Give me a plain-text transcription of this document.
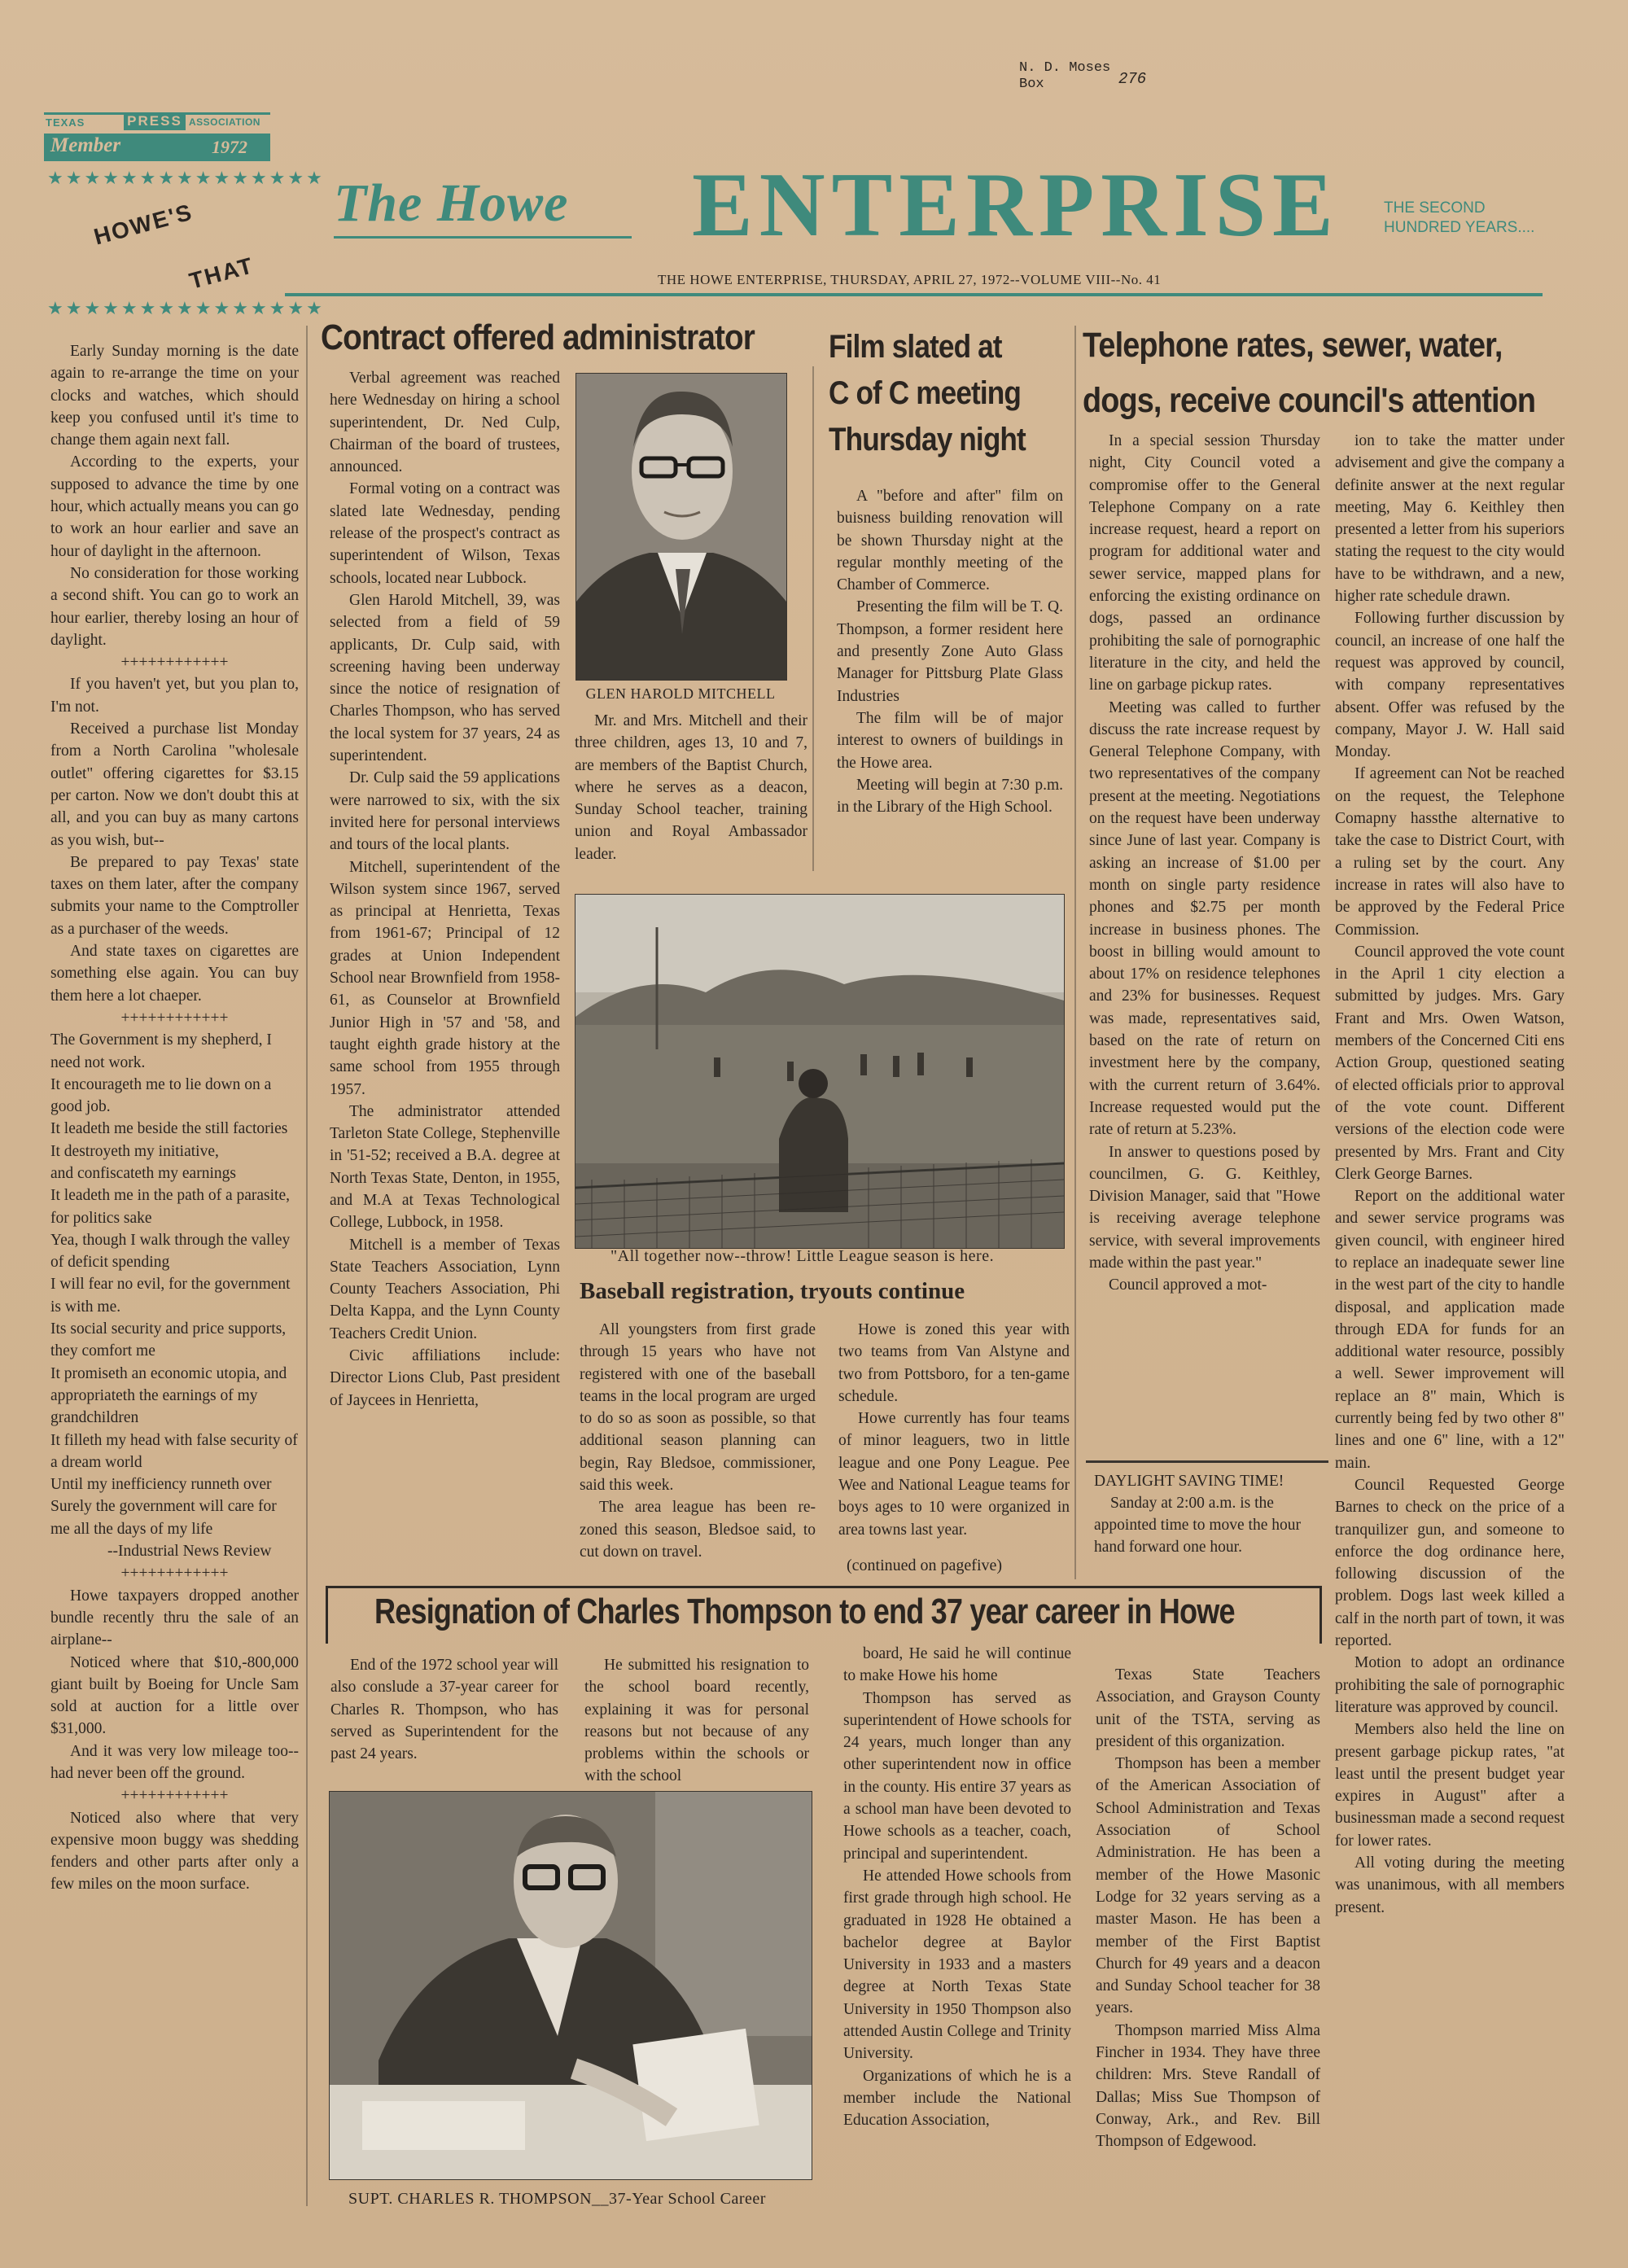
N. D. Moses
Box	276
TEXAS	PRESS ASSOCIATION
Member	1972
★★★★★★★★★★★★★★★
HOWE'S
THAT
★★★★★★★★★★★★★★★
The Howe ENTERPRISE	THE SECOND HUNDRED YEARS....
THE HOWE ENTERPRISE, THURSDAY, APRIL 27, 1972--VOLUME VIII--No. 41

Early Sunday morning is the date again to re-arrange the time on your clocks and watches, which should keep you confused until it's time to change them again next fall.

According to the experts, your supposed to advance the time by one hour, which actually means you can go to work an hour earlier and save an hour of daylight in the afternoon.

No consideration for those working a second shift. You can go to work an hour earlier, thereby losing an hour of daylight.

++++++++++++

If you haven't yet, but you plan to, I'm not.

Received a purchase list Monday from a North Carolina "wholesale outlet" offering cigarettes for $3.15 per carton. Now we don't doubt this at all, and you can buy as many cartons as you wish, but--

Be prepared to pay Texas' state taxes on them later, after the company submits your name to the Comptroller as a purchaser of the weeds.

And state taxes on cigarettes are something else again. You can buy them here a lot chaeper.

++++++++++++

The Government is my shepherd, I need not work.

It encourageth me to lie down on a good job.

It leadeth me beside the still factories

It destroyeth my initiative,

and confiscateth my earnings

It leadeth me in the path of a parasite, for politics sake

Yea, though I walk through the valley of deficit spending

I will fear no evil, for the government is with me.

Its social security and price supports, they comfort me

It promiseth an economic utopia, and appropriateth the earnings of my grandchildren

It filleth my head with false security of a dream world

Until my inefficiency runneth over

Surely the government will care for me all the days of my life

--Industrial News Review
++++++++++++

Howe taxpayers dropped another bundle recently thru the sale of an airplane--

Noticed where that $10,-800,000 giant built by Boeing for Uncle Sam sold at auction for a little over $31,000.

And it was very low mileage too--had never been off the ground.

++++++++++++

Noticed also where that very expensive moon buggy was shedding fenders and other parts after only a few miles on the moon surface.

Contract offered administrator

Verbal agreement was reached here Wednesday on hiring a school superintendent, Dr. Ned Culp, Chairman of the board of trustees, announced.

Formal voting on a contract was slated late Wednesday, pending release of the prospect's contract as superintendent of Wilson, Texas schools, located near Lubbock.

Glen Harold Mitchell, 39, was selected from a field of 59 applicants, Dr. Culp said, with screening having been underway since the notice of resignation of Charles Thompson, who has served the local system for 37 years, 24 as superintendent.

Dr. Culp said the 59 applications were narrowed to six, with the six invited here for personal interviews and tours of the local plants.

Mitchell, superintendent of the Wilson system since 1967, served as principal at Henrietta, Texas from 1961-67; Principal of 12 grades at Union Independent School near Brownfield from 1958-61, as Counselor at Brownfield Junior High in '57 and '58, and taught eighth grade history at the same school from 1955 through 1957.

The administrator attended Tarleton State College, Stephenville in '51-52; received a B.A. degree at North Texas State, Denton, in 1955, and M.A at Texas Technological College, Lubbock, in 1958.

Mitchell is a member of Texas State Teachers Association, Lynn County Teachers Association, Phi Delta Kappa, and the Lynn County Teachers Credit Union.

Civic affiliations include: Director Lions Club, Past president of Jaycees in Henrietta,

GLEN HAROLD MITCHELL

Mr. and Mrs. Mitchell and their three children, ages 13, 10 and 7, are members of the Baptist Church, where he serves as a deacon, Sunday School teacher, training union and Royal Ambassador leader.

Film slated at
C of C meeting
Thursday night

A "before and after" film on buisness building renovation will be shown Thursday night at the regular monthly meeting of the Chamber of Commerce.

Presenting the film will be T. Q. Thompson, a former resident here and presently Zone Auto Glass Manager for Pittsburg Plate Glass Industries

The film will be of major interest to owners of buildings in the Howe area.

Meeting will begin at 7:30 p.m. in the Library of the High School.

"All together now--throw! Little League season is here.
Baseball registration, tryouts continue

All youngsters from first grade through 15 years who have not registered with one of the baseball teams in the local program are urged to do so as soon as possible, so that additional season planning can begin, Ray Bledsoe, commissioner, said this week.

The area league has been re-zoned this season, Bledsoe said, to cut down on travel.

Howe is zoned this year with two teams from Van Alstyne and two from Pottsboro, for a ten-game schedule.

Howe currently has four teams of minor leaguers, two in little league and one Pony League. Pee Wee and National League teams for boys ages to 10 were organized in area towns last year.

(continued on pagefive)
Telephone rates, sewer, water,
dogs, receive council's attention

In a special session Thursday night, City Council voted a compromise offer to the General Telephone Company on a rate increase request, heard a report on program for additional water and sewer service, mapped plans for enforcing the existing ordinance on dogs, passed an ordinance prohibiting the sale of pornographic literature in the city, and held the line on garbage pickup rates.

Meeting was called to further discuss the rate increase request by General Telephone Company, with two representatives of the company present at the meeting. Negotiations on the request have been underway since June of last year. Company is asking an increase of $1.00 per month on single party residence phones and $2.75 per month increase in business phones. The boost in billing would amount to about 17% on residence telephones and 23% for businesses. Request was made, representatives said, based on the rate of return on investment here by the company, with the current return of 3.64%. Increase requested would put the rate of return at 5.23%.

In answer to questions posed by councilmen, G. G. Keithley, Division Manager, said that "Howe is receiving average telephone service, with several improvements made within the past year."

Council approved a mot-

ion to take the matter under advisement and give the company a definite answer at the next regular meeting, May 6. Keithley then presented a letter from his superiors stating the request to the city would have to be withdrawn, and a new, higher rate schedule drawn.

Following further discussion by council, an increase of one half the request was approved by council, with company representatives absent. Offer was refused by the company, Mayor J. W. Hall said Monday.

If agreement can Not be reached on the request, the Telephone Comapny hassthe alternative to take the case to District Court, with a ruling set by the court. Any increase in rates will also have to be approved by the Federal Price Commission.

Council approved the vote count in the April 1 city election a submitted by judges. Mrs. Gary Frant and Mrs. Owen Watson, members of the Concerned Citi ens Action Group, questioned seating of elected officials prior to approval of the vote count. Different versions of the election code were presented by Mrs. Frant and City Clerk George Barnes.

Report on the additional water and sewer service programs was given council, with engineer hired to replace an inadequate sewer line in the west part of the city to handle disposal, and application made through EDA for funds for an additional water resource, possibly a well. Sewer improvement will replace an 8" main, Which is currently being fed by two other 8" lines and one 6" line, with a 12" main.

Council Requested George Barnes to check on the price of a tranquilizer gun, and someone to enforce the dog ordinance here, following discussion of the problem. Dogs last week killed a calf in the north part of town, it was reported.

Motion to adopt an ordinance prohibiting the sale of pornographic literature was approved by council.

Members also held the line on present garbage pickup rates, "at least until the present budget year expires in August" after a businessman made a second request for lower rates.

All voting during the meeting was unanimous, with all members present.

DAYLIGHT SAVING TIME!
Sanday at 2:00 a.m. is the appointed time to move the hour hand forward one hour.
Resignation of Charles Thompson to end 37 year career in Howe

End of the 1972 school year will also conslude a 37-year career for Charles R. Thompson, who has served as Superintendent for the past 24 years.

He submitted his resignation to the school board recently, explaining it was for personal reasons but not because of any problems within the schools or with the school

board, He said he will continue to make Howe his home

Thompson has served as superintendent of Howe schools for 24 years, much longer than any other superintendent now in office in the county. His entire 37 years as a school man have been devoted to Howe schools as a teacher, coach, principal and superintendent.

He attended Howe schools from first grade through high school. He graduated in 1928 He obtained a bachelor degree at Baylor University in 1933 and a masters degree at North Texas State University in 1950 Thompson also attended Austin College and Trinity University.

Organizations of which he is a member include the National Education Association,

Texas State Teachers Association, and Grayson County unit of the TSTA, serving as president of this organization.

Thompson has been a member of the American Association of School Administration and Texas Association of School Administration. He has been a member of the Howe Masonic Lodge for 32 years serving as a master Mason. He has been a member of the First Baptist Church for 49 years and a deacon and Sunday School teacher for 38 years.

Thompson married Miss Alma Fincher in 1934. They have three children: Mrs. Steve Randall of Dallas; Miss Sue Thompson of Conway, Ark., and Rev. Bill Thompson of Edgewood.

SUPT. CHARLES R. THOMPSON__37-Year School Career
